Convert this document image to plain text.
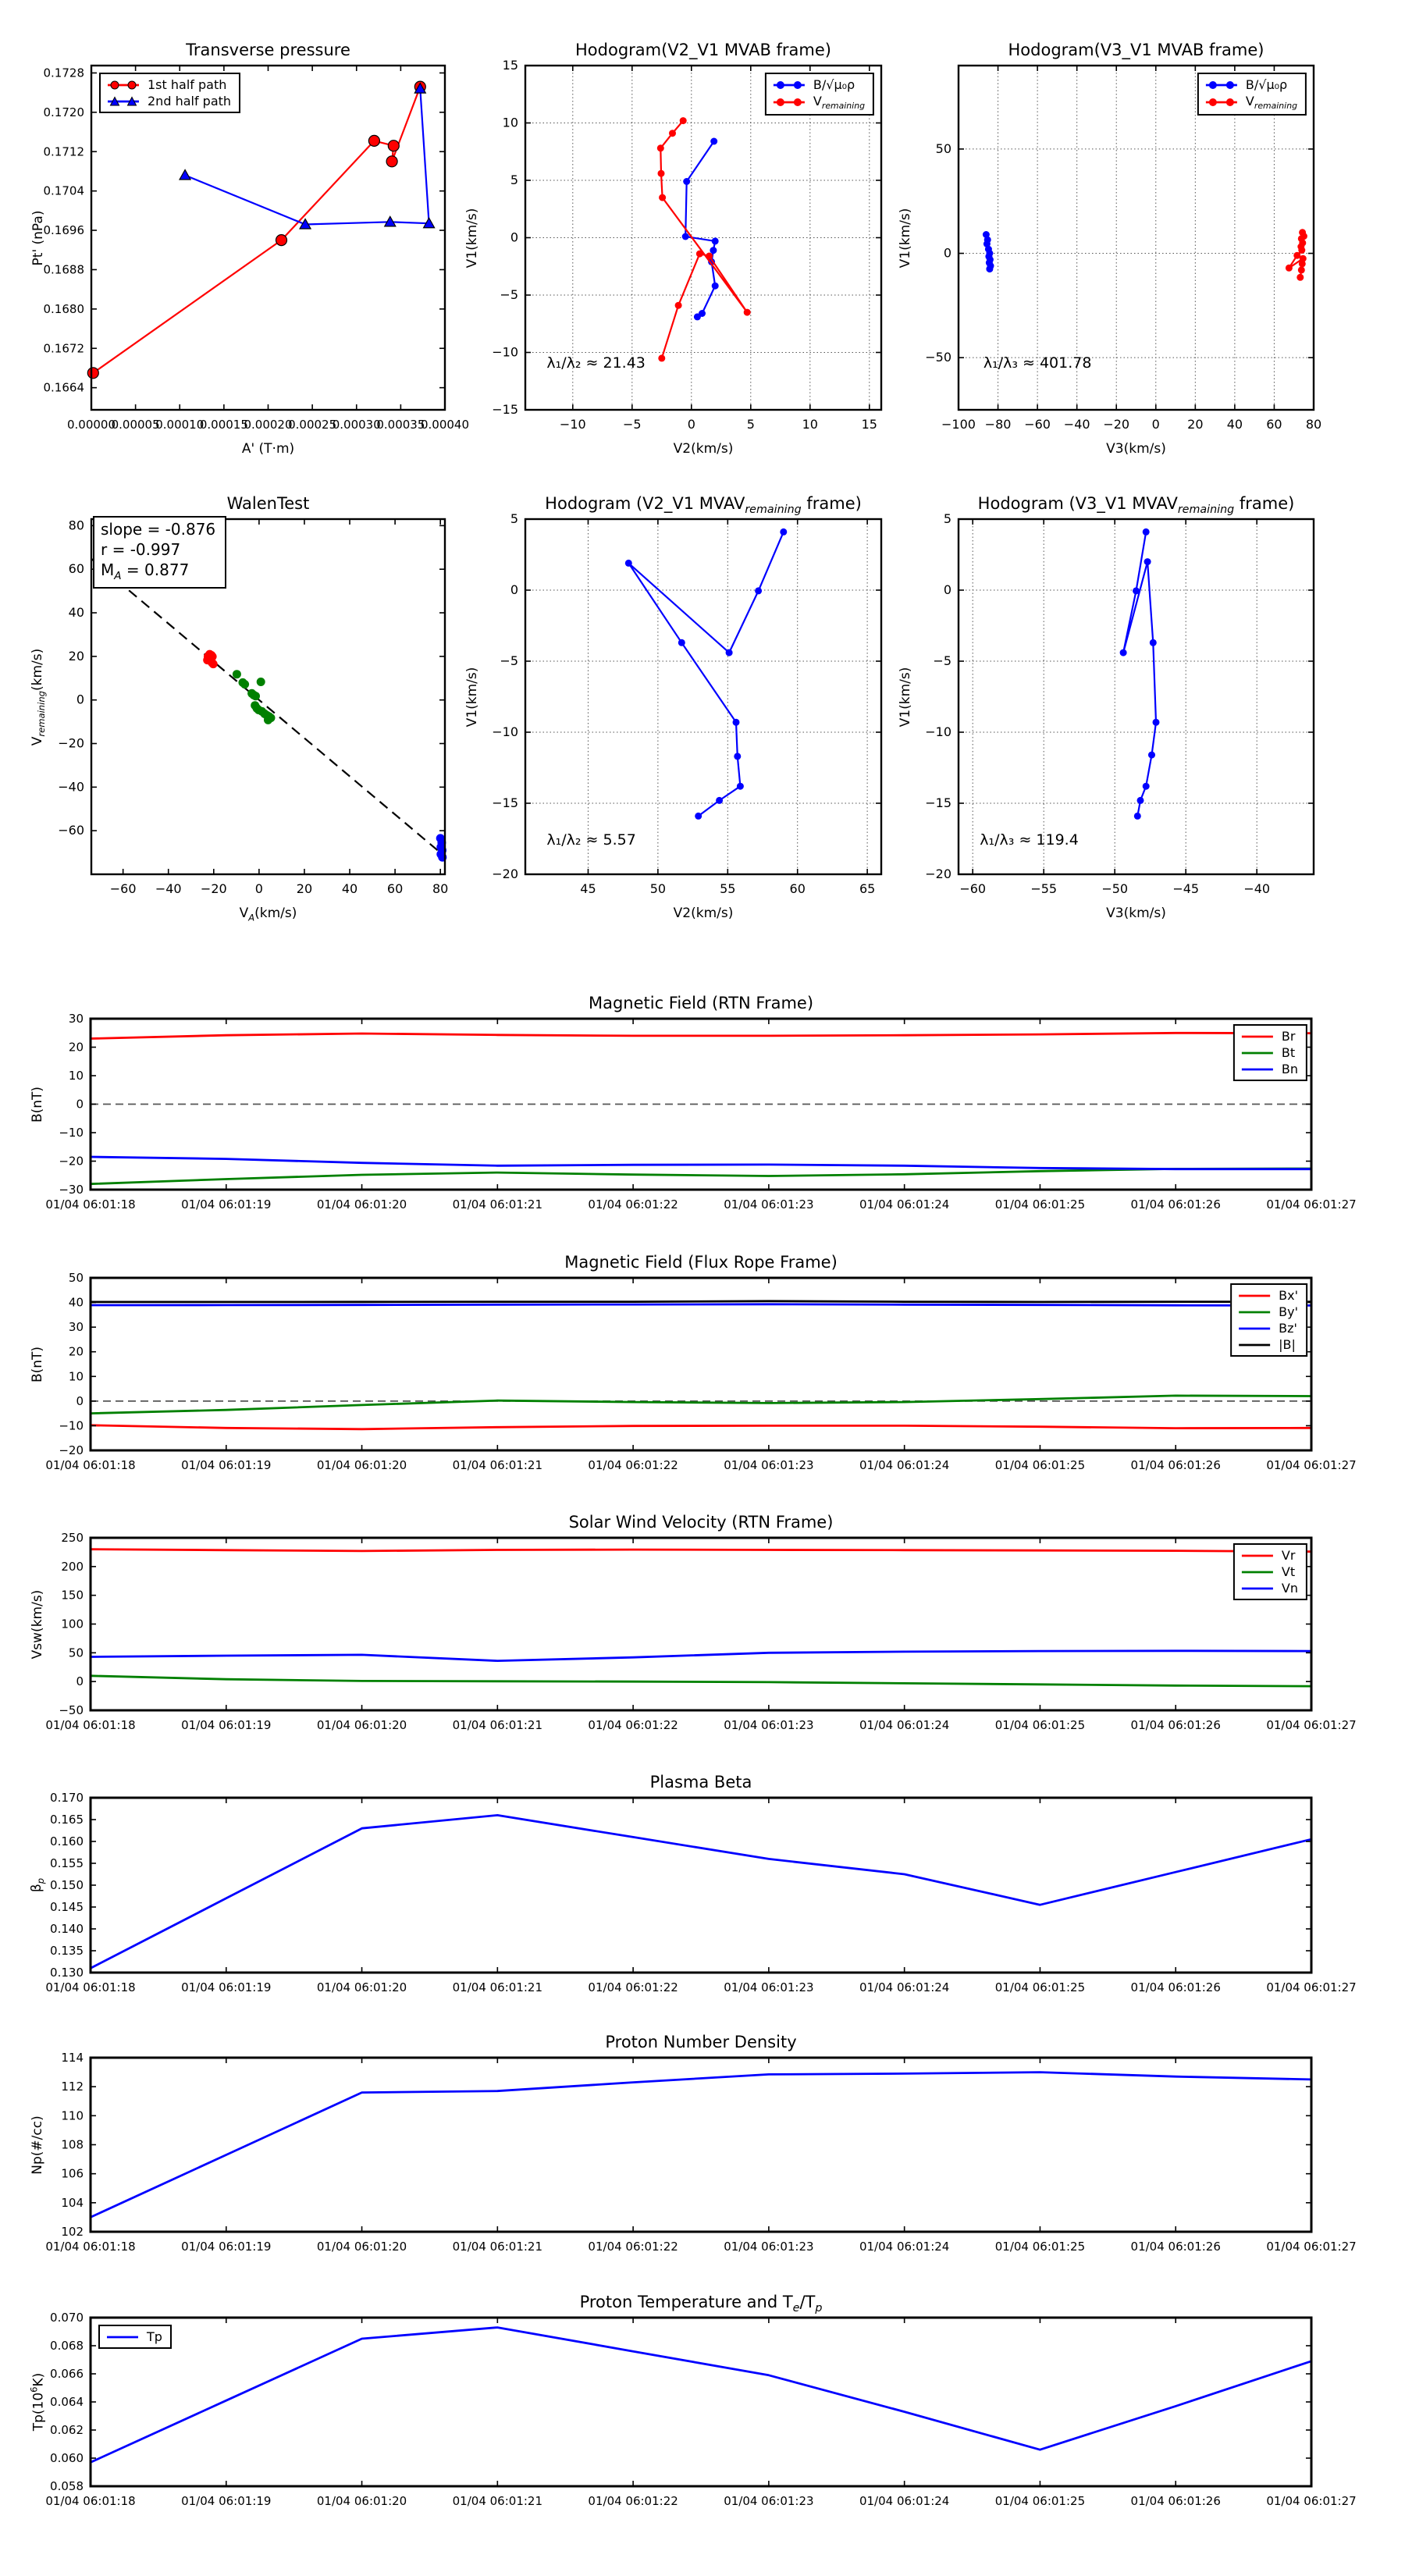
0.00000
0.00005
0.00010
0.00015
0.00020
0.00025
0.00030
0.00035
0.00040
0.1664
0.1672
0.1680
0.1688
0.1696
0.1704
0.1712
0.1720
0.1728
−10	−5	0	5	10	15
−15
−10
−5
0
5
10
15
−100 −80 −60 −40 −20 0 20 40 60 80
−50
0
50
−60 −40 −20 0	20 40 60 80
−60
−40
−20
0
20
40
60
80
45	50	55	60	65
−20
−15
−10
−5
0
5
−60	−55	−50	−45	−40
−20
−15
−10
−5
0
5
01/04 06:01:18	01/04 06:01:19	01/04 06:01:20	01/04 06:01:21	01/04 06:01:22	01/04 06:01:23	01/04 06:01:24	01/04 06:01:25	01/04 06:01:26	01/04 06:01:27
−30
−20
−10
0
10
20
30
01/04 06:01:18	01/04 06:01:19	01/04 06:01:20	01/04 06:01:21	01/04 06:01:22	01/04 06:01:23	01/04 06:01:24	01/04 06:01:25	01/04 06:01:26	01/04 06:01:27
−20
−10
0
10
20
30
40
50
01/04 06:01:18	01/04 06:01:19	01/04 06:01:20	01/04 06:01:21	01/04 06:01:22	01/04 06:01:23	01/04 06:01:24	01/04 06:01:25	01/04 06:01:26	01/04 06:01:27
−50
0
50
100
150
200
250
01/04 06:01:18	01/04 06:01:19	01/04 06:01:20	01/04 06:01:21	01/04 06:01:22	01/04 06:01:23	01/04 06:01:24	01/04 06:01:25	01/04 06:01:26	01/04 06:01:27
0.130
0.135
0.140
0.145
0.150
0.155
0.160
0.165
0.170
01/04 06:01:18	01/04 06:01:19	01/04 06:01:20	01/04 06:01:21	01/04 06:01:22	01/04 06:01:23	01/04 06:01:24	01/04 06:01:25	01/04 06:01:26	01/04 06:01:27
102
104
106
108
110
112
114
01/04 06:01:18	01/04 06:01:19	01/04 06:01:20	01/04 06:01:21	01/04 06:01:22	01/04 06:01:23	01/04 06:01:24	01/04 06:01:25	01/04 06:01:26	01/04 06:01:27
0.058
0.060
0.062
0.064
0.066
0.068
0.070
Transverse pressure
A' (T·m)
Pt' (nPa)
Hodogram(V2_V1 MVAB frame)
V2(km/s)
V1(km/s)
λ₁/λ₂ ≈ 21.43
Hodogram(V3_V1 MVAB frame)
V3(km/s)
V1(km/s)
λ₁/λ₃ ≈ 401.78
WalenTest
$V_A(km/s)$
$V_{remaining}(km/s)$
slope = -0.876
r = -0.997
$M_A = 0.877$
Hodogram (V2_V1 $MVAV_{remaining}$ frame)
V2(km/s)
V1(km/s)
λ₁/λ₂ ≈ 5.57
Hodogram (V3_V1 $MVAV_{remaining}$ frame)
V3(km/s)
V1(km/s)
λ₁/λ₃ ≈ 119.4
Magnetic Field (RTN Frame)
B(nT)
Magnetic Field (Flux Rope Frame)
B(nT)
Solar Wind Velocity (RTN Frame)
Vsw(km/s)
Plasma Beta
$\beta_p$
Proton Number Density
Np(#/cc)
Proton Temperature and $T_e/T_p$
$Tp(10^6K)$
1st half path
2nd half path
B/√μ₀ρ
$V_{remaining}$
B/√μ₀ρ
$V_{remaining}$
Br
Bt
Bn
Bx'
By'
Bz'
|B|
Vr
Vt
Vn
Tp
